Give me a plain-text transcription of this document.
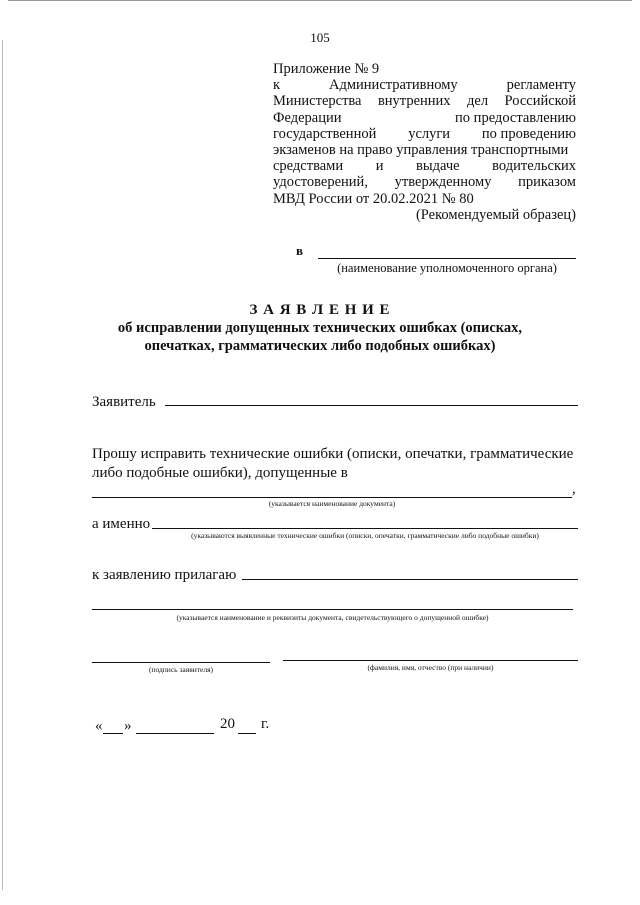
105
Приложение № 9
к	Административному	регламенту
Министерства внутренних дел Российской
Федерации	по предоставлению
государственной услуги по проведению
экзаменов на право управления транспортными
средствами и выдаче водительских
удостоверений, утвержденному приказом
МВД России от 20.02.2021 № 80
(Рекомендуемый образец)
в
(наименование уполномоченного органа)
З А Я В Л Е Н И Е
об исправлении допущенных технических ошибках (описках,
опечатках, грамматических либо подобных ошибках)
Заявитель
Прошу исправить технические ошибки (описки, опечатки, грамматические
либо подобные ошибки), допущенные в
,
(указывается наименование документа)
а именно
(указываются выявленные технические ошибки (описки, опечатки, грамматические либо подобные ошибки)
к заявлению прилагаю
(указывается наименование и реквизиты документа, свидетельствующего о допущенной ошибке)
(подпись заявителя)	(фамилия, имя, отчество (при наличии)
« »	20 г.
